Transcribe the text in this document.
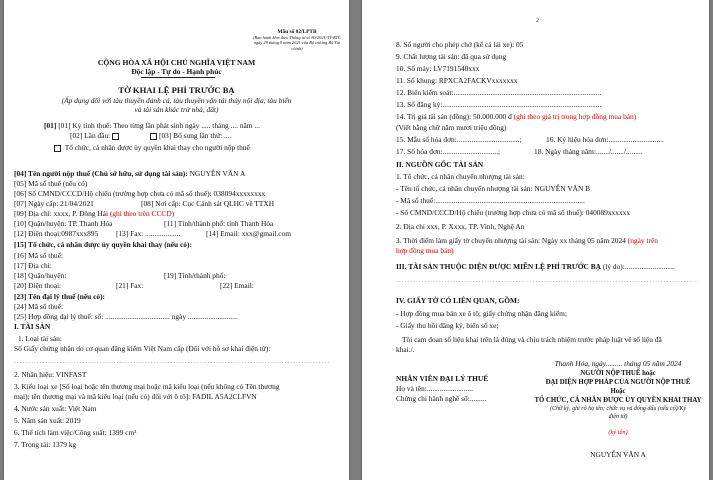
Mẫu số 02/LPTB
(Ban hành kèm theo Thông tư số 80/2021/TT-BTC ngày 29 tháng 9 năm 2021 của Bộ trưởng Bộ Tài chính)
CỘNG HÒA XÃ HỘI CHỦ NGHĨA VIỆT NAM
Độc lập - Tự do - Hạnh phúc
TỜ KHAI LỆ PHÍ TRƯỚC BẠ
(Áp dụng đối với tàu thuyền đánh cá, tàu thuyền vận tải thủy nội địa, tàu biển
và tài sản khác trừ nhà, đất)
[01] [01] Kỳ tính thuế: Theo từng lần phát sinh ngày ..... tháng .... năm ...
[02] Lần đầu:	[03] Bổ sung lần thứ: ....
Tổ chức, cá nhân được ủy quyền khai thay cho người nộp thuế
[04] Tên người nộp thuế (Chủ sở hữu, sử dụng tài sản): NGUYỄN VĂN A
[05] Mã số thuế (nếu có)
[06] Số CMND/CCCD/Hộ chiếu (trường hợp chưa có mã số thuế): 038094xxxxxxxx
[07] Ngày cấp: 21/04/2021	[08] Nơi cấp: Cục Cảnh sát QLHC về TTXH
[09] Địa chỉ: xxxx, P. Đông Hải (ghi theo trên CCCD)
[10] Quận/huyện: TP. Thanh Hóa	[11] Tỉnh/thành phố: tỉnh Thanh Hóa
[12] Điện thoại:0987xxx895 [13] Fax: ...................	[14] Email: xxx@gmail.com
[15] Tổ chức, cá nhân được ủy quyền khai thay (nếu có):
[16] Mã số thuế:
[17] Địa chỉ:
[18] Quận/huyện:	[19] Tỉnh/thành phố:
[20] Điện thoại:	[21] Fax:	[22] Email:
[23] Tên đại lý thuế (nếu có):
[24] Mã số thuế:
[25] Hợp đồng đại lý thuế: số: ................................... ngày ...........................
I. TÀI SẢN
1. Loại tài sản:
Số Giấy chứng nhận do cơ quan đăng kiểm Việt Nam cấp (Đối với hồ sơ khai điện tử):
...............................................................................................................
2. Nhãn hiệu: VINFAST
3. Kiểu loại xe [Số loại hoặc tên thương mại hoặc mã kiểu loại (nếu không có Tên thương
mại); tên thương mại và mã kiểu loại (nếu có) đối với ô tô]: FADIL A5A2CLFVN
4. Nước sản xuất: Việt Nam
5. Năm sản xuất: 2019
6. Thể tích làm việc/Công suất: 1399 cm³
7. Trọng tải: 1379 kg
2
8. Số người cho phép chở (kể cả lái xe): 05
9. Chất lượng tài sản: đã qua sử dụng
10. Số máy: LV7191540xxx
11. Số khung: RPXCA2FACKVxxxxxxx
12. Biển kiểm soát:................................................................................
13. Số đăng ký:......................................................................................
14. Trị giá tài sản (đồng): 50.000.000 đ (ghi theo giá trị trong hợp đồng mua bán)
(Viết bằng chữ năm mươi triệu đồng)
15. Mẫu số hóa đơn:..................................;	16. Ký hiệu hóa đơn:..............................
17. Số hóa đơn:..............................;	18. Ngày tháng năm:......./......./.........
II. NGUỒN GỐC TÀI SẢN
1. Tổ chức, cá nhân chuyển nhượng tài sản:
- Tên tổ chức, cá nhân chuyển nhượng tài sản: NGUYỄN VĂN B
- Mã số thuế:.................................................................................
- Số CMND/CCCD/Hộ chiếu (trường hợp chưa có mã số thuế): 040089xxxxxx
2. Địa chỉ xxx, P. Xxxx, TP. Vinh, Nghệ An
3. Thời điểm làm giấy tờ chuyển nhượng tài sản: Ngày xx tháng 05 năm 2024 (ngày trên
hợp đồng mua bán)
III. TÀI SẢN THUỘC DIỆN ĐƯỢC MIỄN LỆ PHÍ TRƯỚC BẠ (lý do):...........................
..........................................................................................................
IV. GIẤY TỜ CÓ LIÊN QUAN, GỒM:
- Hợp đồng mua bán xe ô tô; giấy chứng nhận đăng kiểm;
- Giấy thu hồi đăng ký, biển số xe;
Tôi cam đoan số liệu khai trên là đúng và chịu trách nhiệm trước pháp luật về số liệu đã
khai./.
Thanh Hóa, ngày......... tháng 05 năm 2024
NHÂN VIÊN ĐẠI LÝ THUẾ
Họ và tên:.........................
Chứng chỉ hành nghề số:.........
NGƯỜI NỘP THUẾ hoặc
ĐẠI DIỆN HỢP PHÁP CỦA NGƯỜI NỘP THUẾ
Hoặc
TỔ CHỨC, CÁ NHÂN ĐƯỢC ỦY QUYỀN KHAI THAY
(Chữ ký, ghi rõ họ tên; chức vụ và đóng dấu (nếu có)/Ký
điện tử)
(ký tên)
NGUYỄN VĂN A
